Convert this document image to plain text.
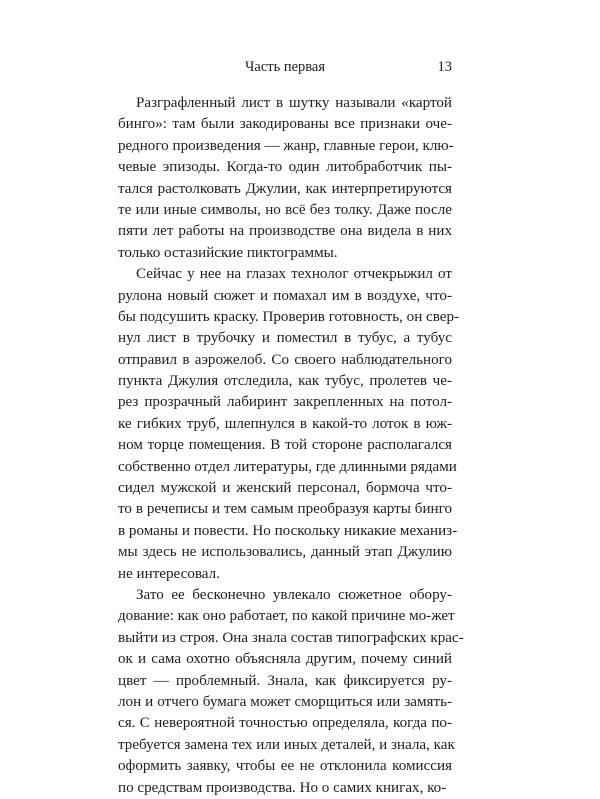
Часть первая	13
Разграфленный лист в шутку называли «картой
бинго»: там были закодированы все признаки оче-
редного произведения — жанр, главные герои, клю-
чевые эпизоды. Когда-то один литобработчик пы-
тался растолковать Джулии, как интерпретируются
те или иные символы, но всё без толку. Даже после
пяти лет работы на производстве она видела в них
только остазийские пиктограммы.
Сейчас у нее на глазах технолог отчекрыжил от
рулона новый сюжет и помахал им в воздухе, что-
бы подсушить краску. Проверив готовность, он свер-
нул лист в трубочку и поместил в тубус, а тубус
отправил в аэрожелоб. Со своего наблюдательного
пункта Джулия отследила, как тубус, пролетев че-
рез прозрачный лабиринт закрепленных на потол-
ке гибких труб, шлепнулся в какой-то лоток в юж-
ном торце помещения. В той стороне располагался
собственно отдел литературы, где длинными рядами
сидел мужской и женский персонал, бормоча что-
то в речеписы и тем самым преобразуя карты бинго
в романы и повести. Но поскольку никакие механиз-
мы здесь не использовались, данный этап Джулию
не интересовал.
Зато ее бесконечно увлекало сюжетное обору-
дование: как оно работает, по какой причине мо-жет
выйти из строя. Она знала состав типографских крас-
ок и сама охотно объясняла другим, почему синий
цвет — проблемный. Знала, как фиксируется ру-
лон и отчего бумага может сморщиться или замять-
ся. С невероятной точностью определяла, когда по-
требуется замена тех или иных деталей, и знала, как
оформить заявку, чтобы ее не отклонила комиссия
по средствам производства. Но о самих книгах, ко-
